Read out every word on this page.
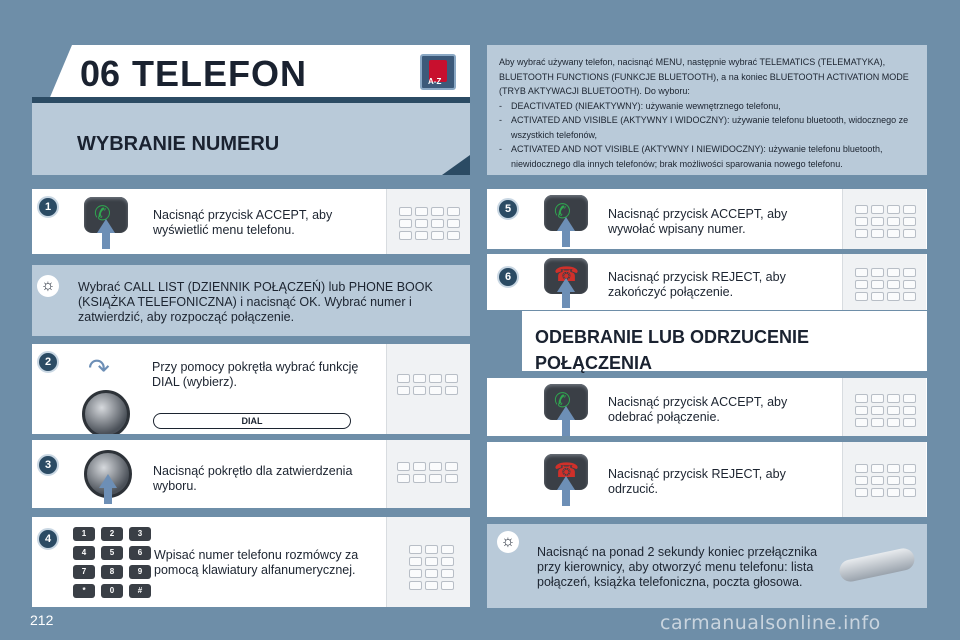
06 TELEFON	A-Z
WYBRANIE NUMERU

Aby wybrać używany telefon, nacisnąć MENU, następnie wybrać TELEMATICS (TELEMATYKA), BLUETOOTH FUNCTIONS (FUNKCJE BLUETOOTH), a na koniec BLUETOOTH ACTIVATION MODE (TRYB AKTYWACJI BLUETOOTH). Do wyboru:

- DEACTIVATED (NIEAKTYWNY): używanie wewnętrznego telefonu,
- ACTIVATED AND VISIBLE (AKTYWNY I WIDOCZNY): używanie telefonu bluetooth, widocznego ze wszystkich telefonów,
- ACTIVATED AND NOT VISIBLE (AKTYWNY I NIEWIDOCZNY): używanie telefonu bluetooth, niewidocznego dla innych telefonów; brak możliwości sparowania nowego telefonu.
✆	Nacisnąć przycisk ACCEPT, aby wyświetlić menu telefonu.
1
Wybrać CALL LIST (DZIENNIK POŁĄCZEŃ) lub PHONE BOOK (KSIĄŻKA TELEFONICZNA) i nacisnąć OK. Wybrać numer i zatwierdzić, aby rozpocząć połączenie.
☼
Przy pomocy pokrętła wybrać funkcję DIAL (wybierz).
↷
DIAL
2
Nacisnąć pokrętło dla zatwierdzenia wyboru.
3
Wpisać numer telefonu rozmówcy za pomocą klawiatury alfanumerycznej.
1	2	3
4	5	6
7	8	9
*	0	#
4
✆	Nacisnąć przycisk ACCEPT, aby wywołać wpisany numer.
5
☎ Nacisnąć przycisk REJECT, aby zakończyć połączenie.
6
ODEBRANIE LUB ODRZUCENIE POŁĄCZENIA
✆	Nacisnąć przycisk ACCEPT, aby odebrać połączenie.
☎ Nacisnąć przycisk REJECT, aby odrzucić.
Nacisnąć na ponad 2 sekundy koniec przełącznika przy kierownicy, aby otworzyć menu telefonu: lista połączeń, książka telefoniczna, poczta głosowa.
☼
212	carmanualsonline.info
